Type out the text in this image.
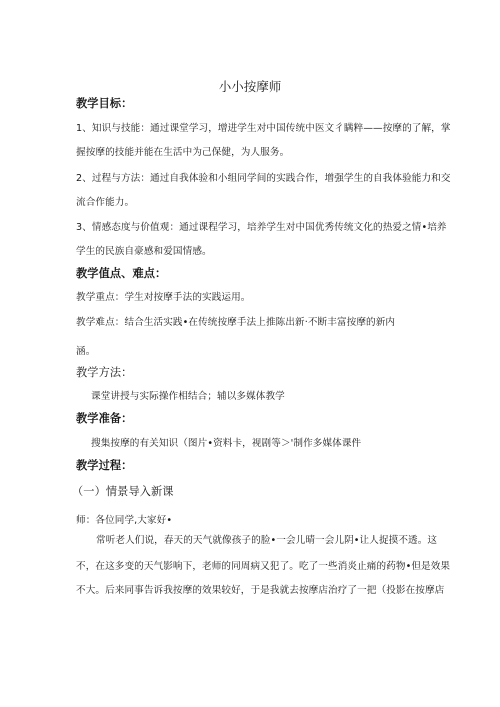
小小按摩师
教学目标：
1、知识与技能：通过课堂学习，增进学生对中国传统中医文彳瞒粹——按摩的了解，掌
握按摩的技能并能在生活中为己保健，为人服务。
2、过程与方法：通过自我体验和小组同学间的实践合作，增强学生的自我体验能力和交
流合作能力。
3、情感态度与价值观：通过课程学习，培养学生对中国优秀传统文化的热爱之情•培养
学生的民族自豪感和爱国情感。
教学值点、难点：
教学重点：学生对按摩手法的实践运用。
教学难点：结合生活实践•在传统按摩手法上推陈出新·不断丰富按摩的新内
涵。
教学方法：
课堂讲授与实际操作相结合；辅以多媒体教学
教学准备：
搜集按摩的有关知识（图片•资料卡，视剧等＞'制作多媒体课件
教学过程：
（一）情景导入新课
师：各位同学,大家好•
常听老人们说，春天的天气就像孩子的脸•一会儿晴一会儿阴•让人捉摸不透。这
不，在这多变的天气影响下，老师的同周病又犯了。吃了一些消炎止痛的药物•但是效果
不大。后来同事告诉我按摩的效果较好，于是我就去按摩店治疗了一把（投影在按摩店
